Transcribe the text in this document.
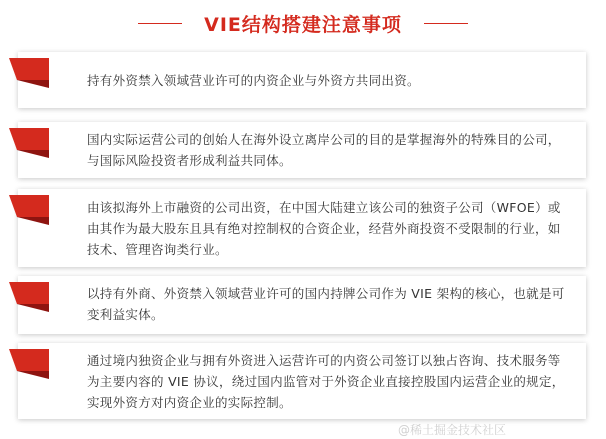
VIE结构搭建注意事项
持有外资禁入领域营业许可的内资企业与外资方共同出资。
国内实际运营公司的创始人在海外设立离岸公司的目的是掌握海外的特殊目的公司，与国际风险投资者形成利益共同体。
由该拟海外上市融资的公司出资，在中国大陆建立该公司的独资子公司（WFOE）或由其作为最大股东且具有绝对控制权的合资企业，经营外商投资不受限制的行业，如技术、管理咨询类行业。
以持有外商、外资禁入领域营业许可的国内持牌公司作为 VIE 架构的核心，也就是可变利益实体。
通过境内独资企业与拥有外资进入运营许可的内资公司签订以独占咨询、技术服务等为主要内容的 VIE 协议，绕过国内监管对于外资企业直接控股国内运营企业的规定，实现外资方对内资企业的实际控制。
@稀土掘金技术社区
